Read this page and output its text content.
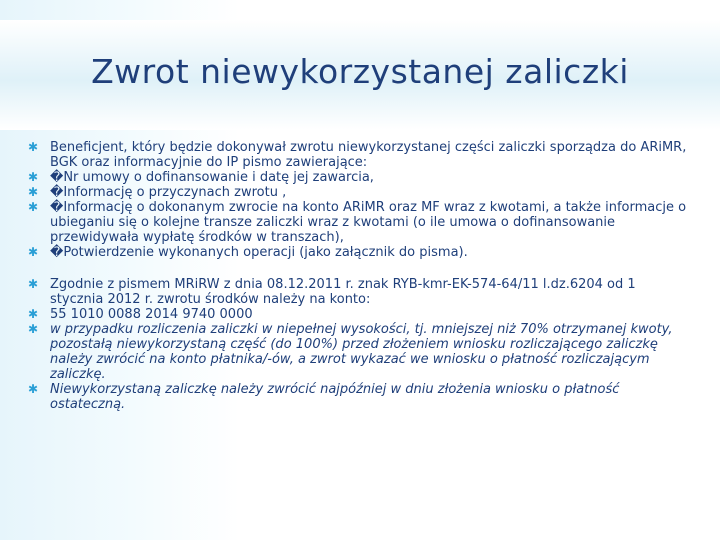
Zwrot niewykorzystanej zaliczki
✱ Beneficjent, który będzie dokonywał zwrotu niewykorzystanej części zaliczki sporządza do ARiMR, BGK oraz informacyjnie do IP pismo zawierające:
✱ �Nr umowy o dofinansowanie i datę jej zawarcia,
✱ �Informację o przyczynach zwrotu ,
✱ �Informację o dokonanym zwrocie na konto ARiMR oraz MF wraz z kwotami, a także informacje o ubieganiu się o kolejne transze zaliczki wraz z kwotami (o ile umowa o dofinansowanie przewidywała wypłatę środków w transzach),
✱ �Potwierdzenie wykonanych operacji (jako załącznik do pisma).
✱ Zgodnie z pismem MRiRW z dnia 08.12.2011 r. znak RYB-kmr-EK-574-64/11 l.dz.6204 od 1 stycznia 2012 r. zwrotu środków należy na konto:
✱ 55 1010 0088 2014 9740 0000
✱ w przypadku rozliczenia zaliczki w niepełnej wysokości, tj. mniejszej niż 70% otrzymanej kwoty, pozostałą niewykorzystaną część (do 100%) przed złożeniem wniosku rozliczającego zaliczkę należy zwrócić na konto płatnika/-ów, a zwrot wykazać we wniosku o płatność rozliczającym zaliczkę.
✱ Niewykorzystaną zaliczkę należy zwrócić najpóźniej w dniu złożenia wniosku o płatność ostateczną.
